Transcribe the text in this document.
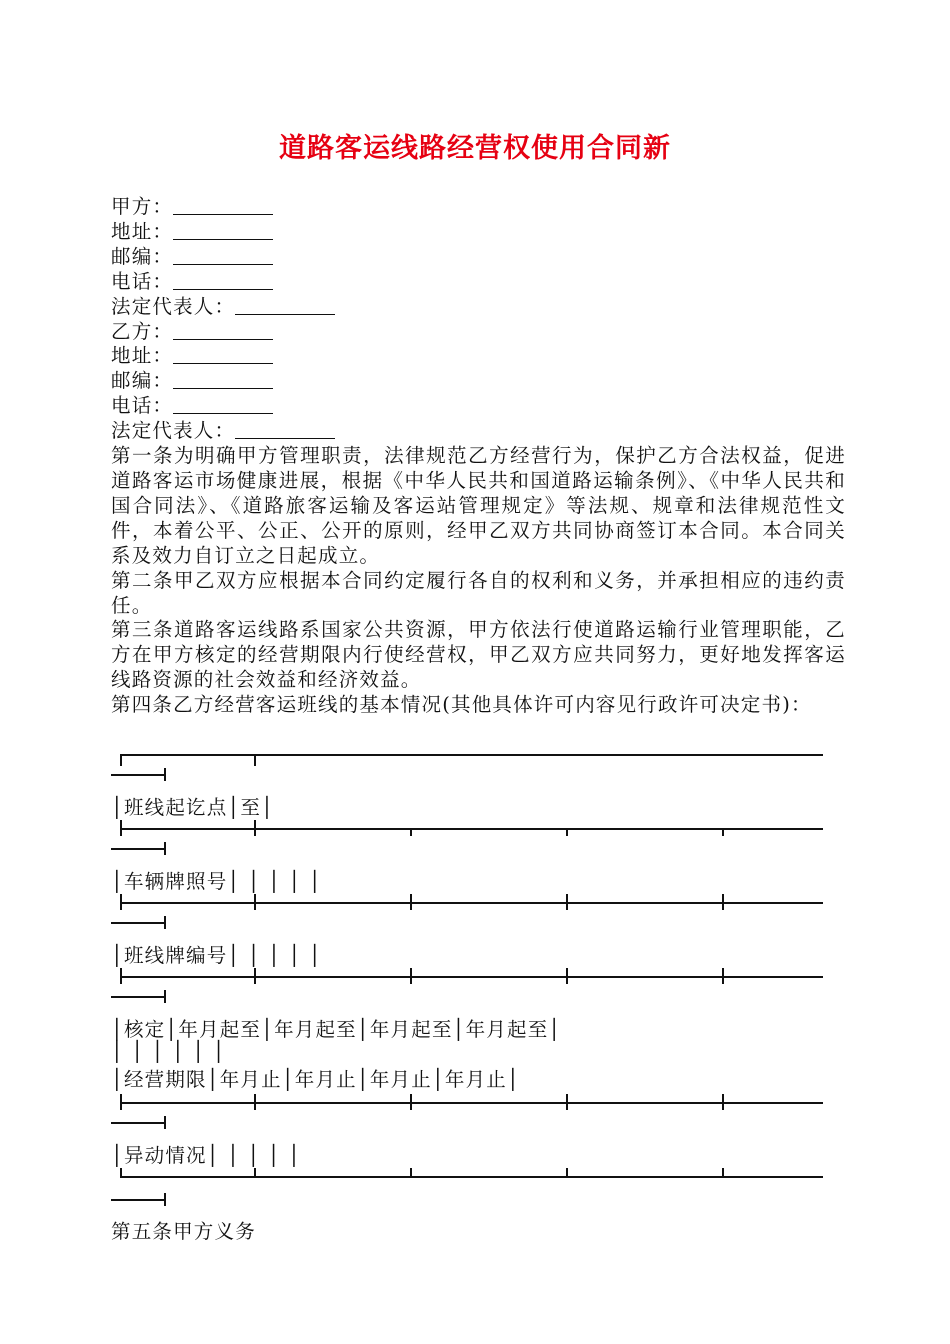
道路客运线路经营权使用合同新
甲方：
地址：
邮编：
电话：
法定代表人：
乙方：
地址：
邮编：
电话：
法定代表人：
第一条为明确甲方管理职责，法律规范乙方经营行为，保护乙方合法权益，促进道路客运市场健康进展，根据《中华人民共和国道路运输条例》、《中华人民共和国合同法》、《道路旅客运输及客运站管理规定》等法规、规章和法律规范性文件，本着公平、公正、公开的原则，经甲乙双方共同协商签订本合同。本合同关系及效力自订立之日起成立。
第二条甲乙双方应根据本合同约定履行各自的权利和义务，并承担相应的违约责任。
第三条道路客运线路系国家公共资源，甲方依法行使道路运输行业管理职能，乙方在甲方核定的经营期限内行使经营权，甲乙双方应共同努力，更好地发挥客运线路资源的社会效益和经济效益。
第四条乙方经营客运班线的基本情况(其他具体许可内容见行政许可决定书)：
│班线起讫点│至│
│车辆牌照号│ │ │ │ │
│班线牌编号│ │ │ │ │
│核定│年月起至│年月起至│年月起至│年月起至│
│ │ │ │ │ │
│经营期限│年月止│年月止│年月止│年月止│
│异动情况│ │ │ │ │
第五条甲方义务
